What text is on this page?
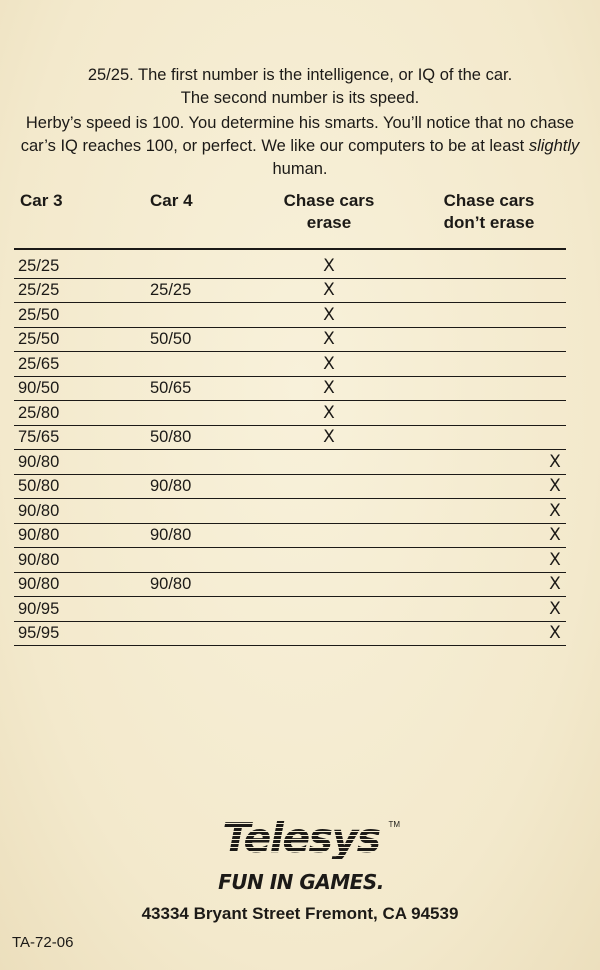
25/25. The first number is the intelligence, or IQ of the car.
The second number is its speed.

Herby’s speed is 100. You determine his smarts. You’ll notice that no chase car’s IQ reaches 100, or perfect. We like our computers to be at least slightly human.

Car 3	Car 4	Chase cars erase	Chase cars don’t erase
25/25		X	
25/25	25/25	X	
25/50		X	
25/50	50/50	X	
25/65		X	
90/50	50/65	X	
25/80		X	
75/65	50/80	X	
90/80			X
50/80	90/80		X
90/80			X
90/80	90/80		X
90/80			X
90/80	90/80		X
90/95			X
95/95			X
Telesys	TM
FUN IN GAMES.
43334 Bryant Street Fremont, CA 94539
TA-72-06
